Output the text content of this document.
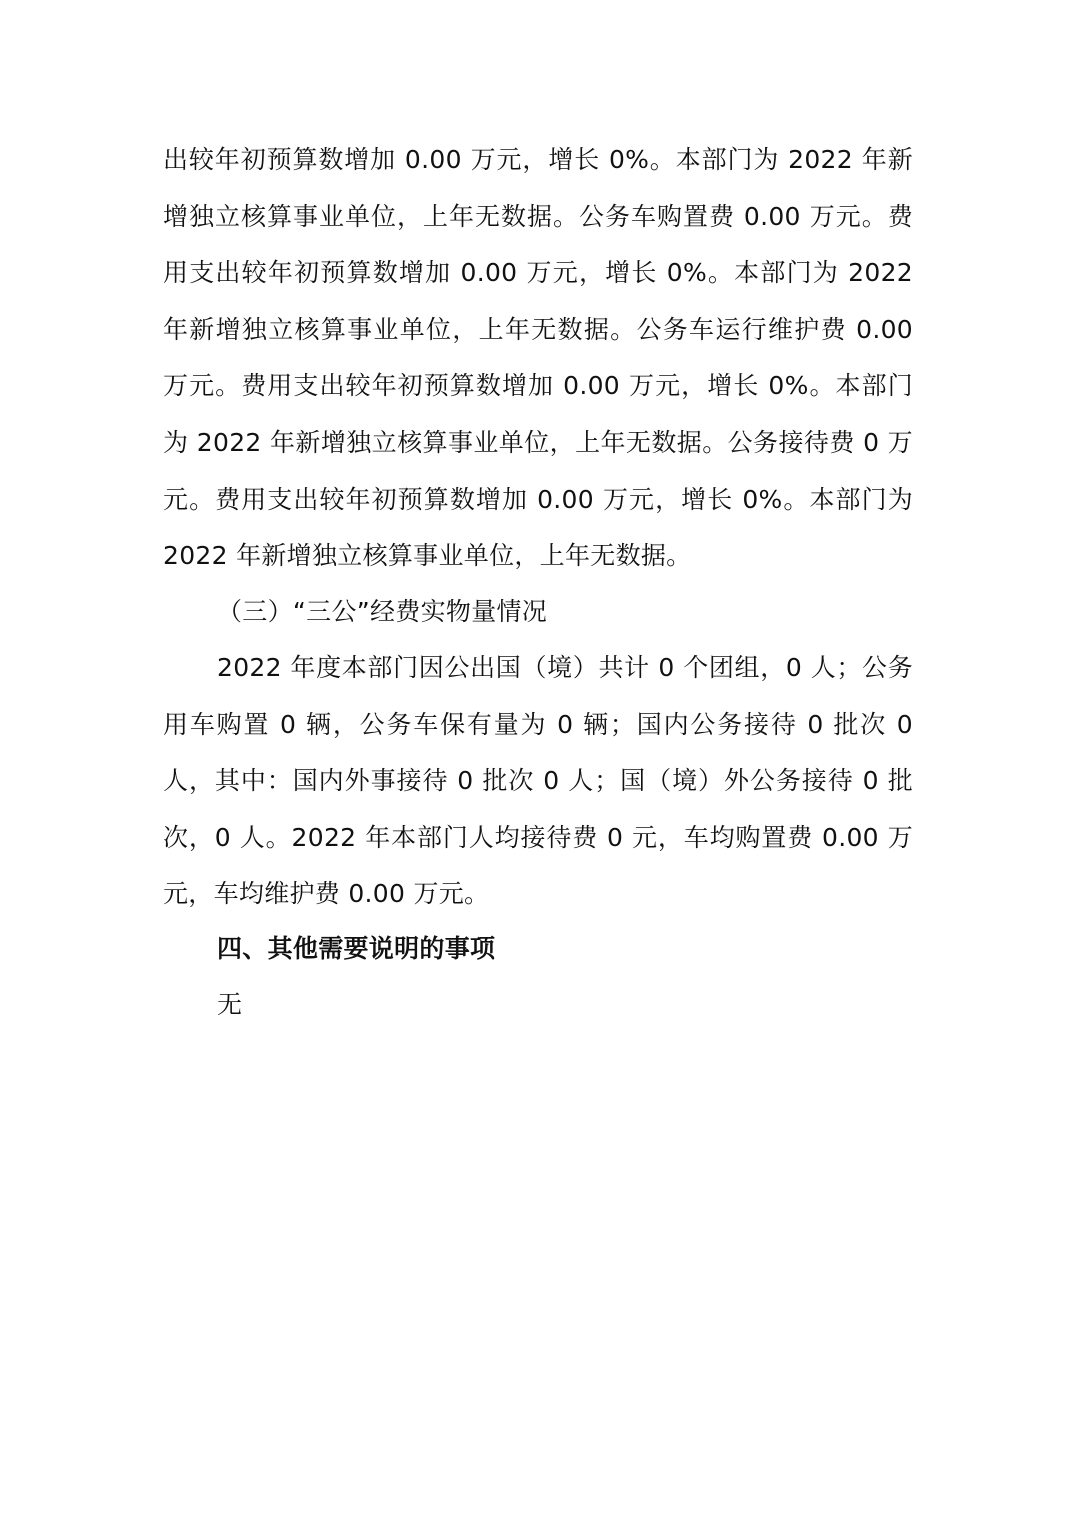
出较年初预算数增加 0.00 万元，增长 0%。本部门为 2022 年新增独立核算事业单位，上年无数据。公务车购置费 0.00 万元。费用支出较年初预算数增加 0.00 万元，增长 0%。本部门为 2022 年新增独立核算事业单位，上年无数据。公务车运行维护费 0.00 万元。费用支出较年初预算数增加 0.00 万元，增长 0%。本部门为 2022 年新增独立核算事业单位，上年无数据。公务接待费 0 万元。费用支出较年初预算数增加 0.00 万元，增长 0%。本部门为 2022 年新增独立核算事业单位，上年无数据。

（三）“三公”经费实物量情况

2022 年度本部门因公出国（境）共计 0 个团组，0 人；公务用车购置 0 辆，公务车保有量为 0 辆；国内公务接待 0 批次 0 人，其中：国内外事接待 0 批次 0 人；国（境）外公务接待 0 批次，0 人。2022 年本部门人均接待费 0 元，车均购置费 0.00 万元，车均维护费 0.00 万元。

四、其他需要说明的事项

无
